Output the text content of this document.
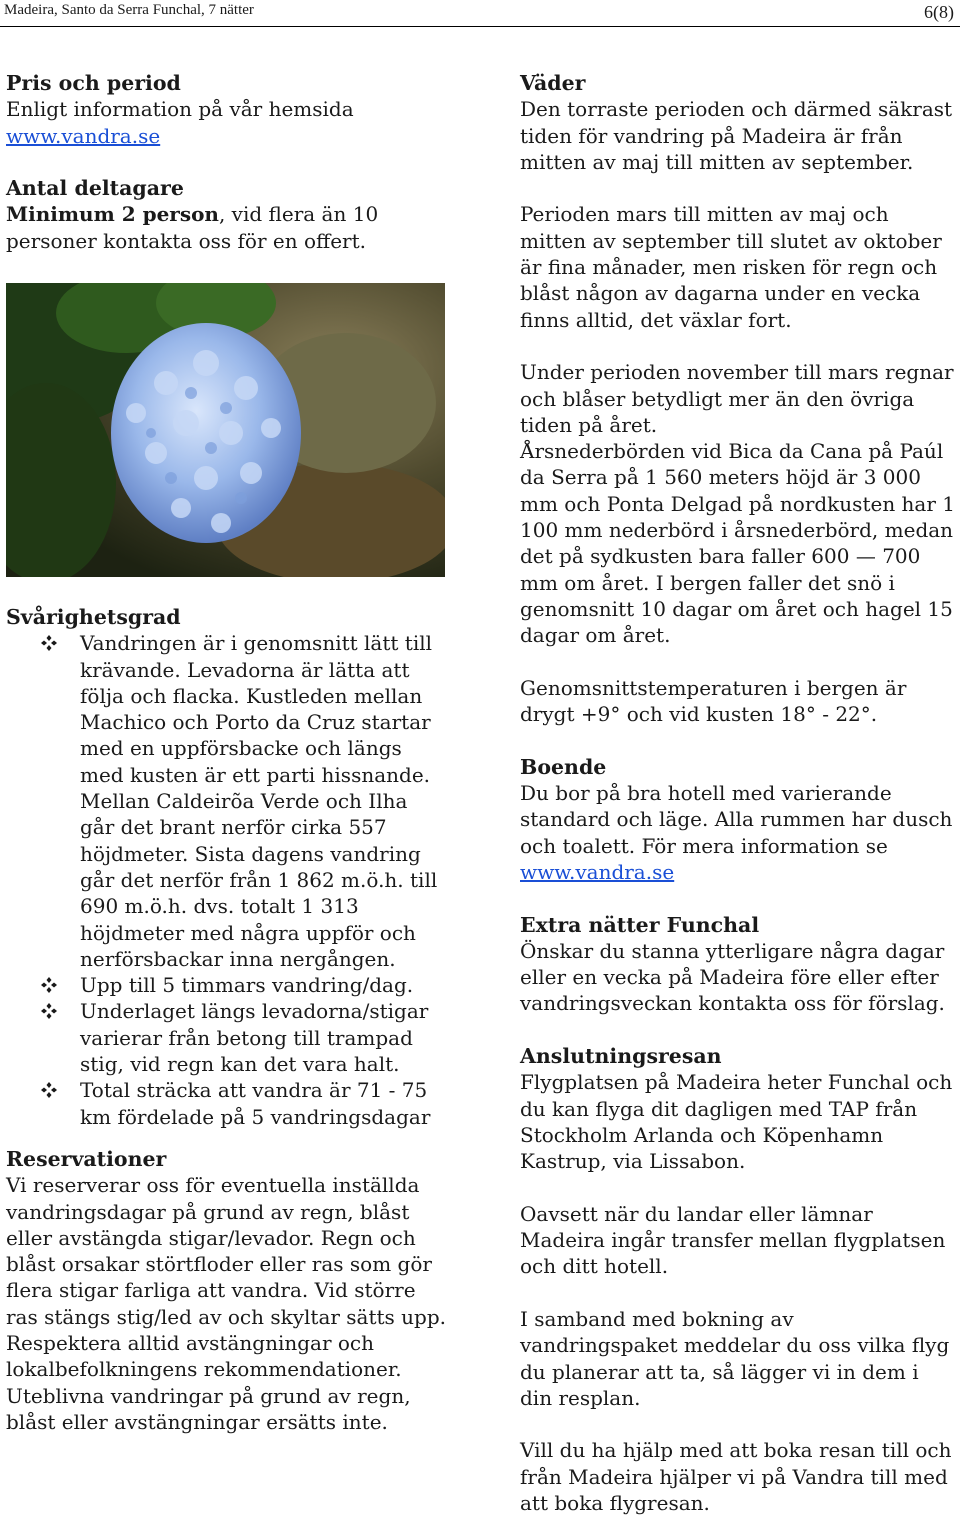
Madeira, Santo da Serra Funchal, 7 nätter	6(8)
Pris och period

Enligt information på vår hemsida

www.vandra.se

Antal deltagare

Minimum 2 person, vid flera än 10
personer kontakta oss för en offert.

Svårighetsgrad
Vandringen är i genomsnitt lätt till krävande. Levadorna är lätta att följa och flacka. Kustleden mellan Machico och Porto da Cruz startar med en uppförsbacke och längs med kusten är ett parti hissnande. Mellan Caldeirõa Verde och Ilha går det brant nerför cirka 557 höjdmeter. Sista dagens vandring går det nerför från 1 862 m.ö.h. till 690 m.ö.h. dvs. totalt 1 313 höjdmeter med några uppför och nerförsbackar inna nergången.
Upp till 5 timmars vandring/dag.
Underlaget längs levadorna/stigar varierar från betong till trampad stig, vid regn kan det vara halt.
Total sträcka att vandra är 71 - 75 km fördelade på 5 vandringsdagar
Reservationer

Vi reserverar oss för eventuella inställda vandringsdagar på grund av regn, blåst eller avstängda stigar/levador. Regn och blåst orsakar störtfloder eller ras som gör flera stigar farliga att vandra. Vid större ras stängs stig/led av och skyltar sätts upp. Respektera alltid avstängningar och lokalbefolkningens rekommendationer. Uteblivna vandringar på grund av regn, blåst eller avstängningar ersätts inte.

Väder

Den torraste perioden och därmed säkrast tiden för vandring på Madeira är från mitten av maj till mitten av september.

Perioden mars till mitten av maj och mitten av september till slutet av oktober är fina månader, men risken för regn och blåst någon av dagarna under en vecka finns alltid, det växlar fort.

Under perioden november till mars regnar och blåser betydligt mer än den övriga tiden på året.

Årsnederbörden vid Bica da Cana på Paúl da Serra på 1 560 meters höjd är 3 000 mm och Ponta Delgad på nordkusten har 1 100 mm nederbörd i årsnederbörd, medan det på sydkusten bara faller 600 — 700 mm om året. I bergen faller det snö i genomsnitt 10 dagar om året och hagel 15 dagar om året.

Genomsnittstemperaturen i bergen är drygt +9° och vid kusten 18° - 22°.

Boende

Du bor på bra hotell med varierande standard och läge. Alla rummen har dusch och toalett. För mera information se

www.vandra.se

Extra nätter Funchal

Önskar du stanna ytterligare några dagar eller en vecka på Madeira före eller efter vandringsveckan kontakta oss för förslag.

Anslutningsresan

Flygplatsen på Madeira heter Funchal och du kan flyga dit dagligen med TAP från Stockholm Arlanda och Köpenhamn Kastrup, via Lissabon.

Oavsett när du landar eller lämnar Madeira ingår transfer mellan flygplatsen och ditt hotell.

I samband med bokning av vandringspaket meddelar du oss vilka flyg du planerar att ta, så lägger vi in dem i din resplan.

Vill du ha hjälp med att boka resan till och från Madeira hjälper vi på Vandra till med att boka flygresan.
